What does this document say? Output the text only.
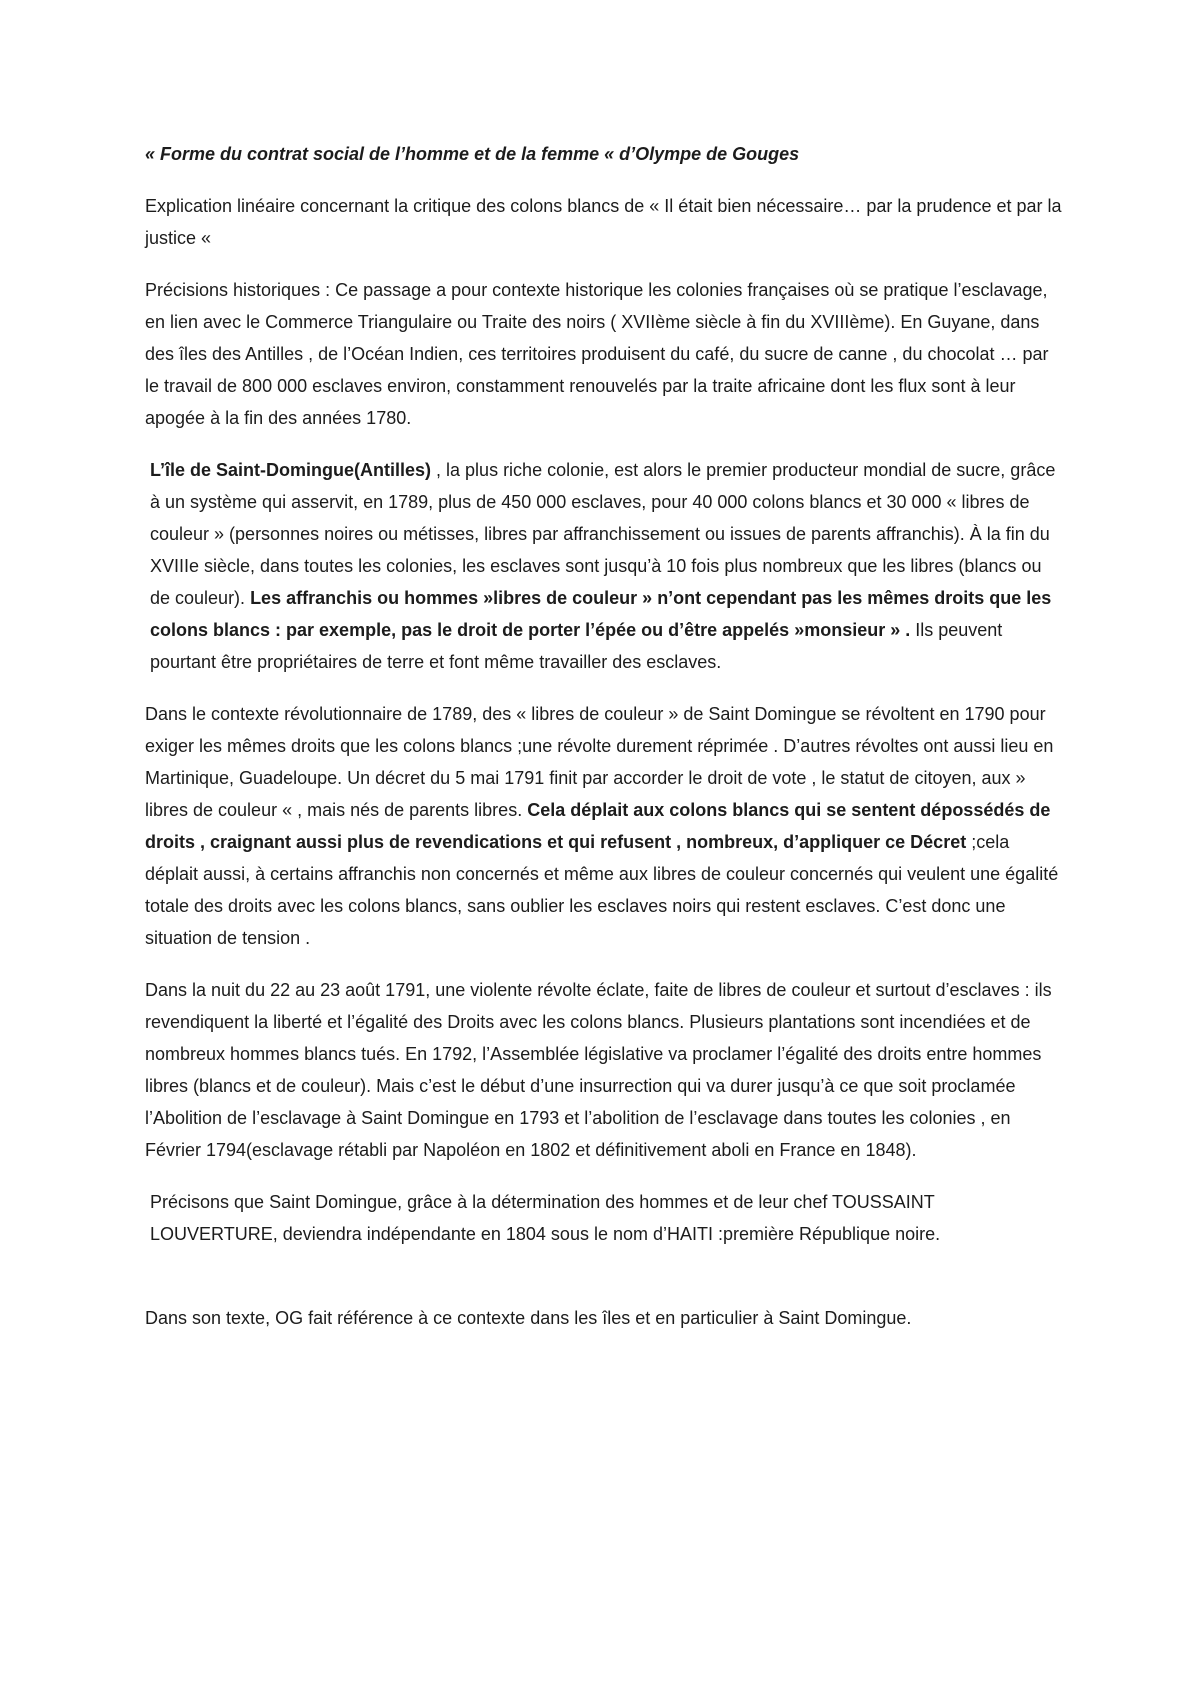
« Forme du contrat social de l’homme et de la femme « d’Olympe de Gouges

Explication linéaire concernant la critique des colons blancs de « Il était bien nécessaire… par la prudence et par la justice «

Précisions historiques : Ce passage a pour contexte historique les colonies françaises où se pratique l’esclavage, en lien avec le Commerce Triangulaire ou Traite des noirs ( XVIIème siècle à fin du XVIIIème). En Guyane, dans des îles des Antilles , de l’Océan Indien, ces territoires produisent du café, du sucre de canne , du chocolat … par le travail de 800 000 esclaves environ, constamment renouvelés par la traite africaine dont les flux sont à leur apogée à la fin des années 1780.

L’île de Saint-Domingue(Antilles) , la plus riche colonie, est alors le premier producteur mondial de sucre, grâce à un système qui asservit, en 1789, plus de 450 000 esclaves, pour 40 000 colons blancs et 30 000 « libres de couleur » (personnes noires ou métisses, libres par affranchissement ou issues de parents affranchis). À la fin du XVIIIe siècle, dans toutes les colonies, les esclaves sont jusqu’à 10 fois plus nombreux que les libres (blancs ou de couleur). Les affranchis ou hommes »libres de couleur » n’ont cependant pas les mêmes droits que les colons blancs : par exemple, pas le droit de porter l’épée ou d’être appelés »monsieur » . Ils peuvent pourtant être propriétaires de terre et font même travailler des esclaves.

Dans le contexte révolutionnaire de 1789, des « libres de couleur » de Saint Domingue se révoltent en 1790 pour exiger les mêmes droits que les colons blancs ;une révolte durement réprimée . D’autres révoltes ont aussi lieu en Martinique, Guadeloupe. Un décret du 5 mai 1791 finit par accorder le droit de vote , le statut de citoyen, aux » libres de couleur « , mais nés de parents libres. Cela déplait aux colons blancs qui se sentent dépossédés de droits , craignant aussi plus de revendications et qui refusent , nombreux, d’appliquer ce Décret ;cela déplait aussi, à certains affranchis non concernés et même aux libres de couleur concernés qui veulent une égalité totale des droits avec les colons blancs, sans oublier les esclaves noirs qui restent esclaves. C’est donc une situation de tension .

Dans la nuit du 22 au 23 août 1791, une violente révolte éclate, faite de libres de couleur et surtout d’esclaves : ils revendiquent la liberté et l’égalité des Droits avec les colons blancs. Plusieurs plantations sont incendiées et de nombreux hommes blancs tués. En 1792, l’Assemblée législative va proclamer l’égalité des droits entre hommes libres (blancs et de couleur). Mais c’est le début d’une insurrection qui va durer jusqu’à ce que soit proclamée l’Abolition de l’esclavage à Saint Domingue en 1793 et l’abolition de l’esclavage dans toutes les colonies , en Février 1794(esclavage rétabli par Napoléon en 1802 et définitivement aboli en France en 1848).

Précisons que Saint Domingue, grâce à la détermination des hommes et de leur chef TOUSSAINT LOUVERTURE, deviendra indépendante en 1804 sous le nom d’HAITI :première République noire.

Dans son texte, OG fait référence à ce contexte dans les îles et en particulier à Saint Domingue.
